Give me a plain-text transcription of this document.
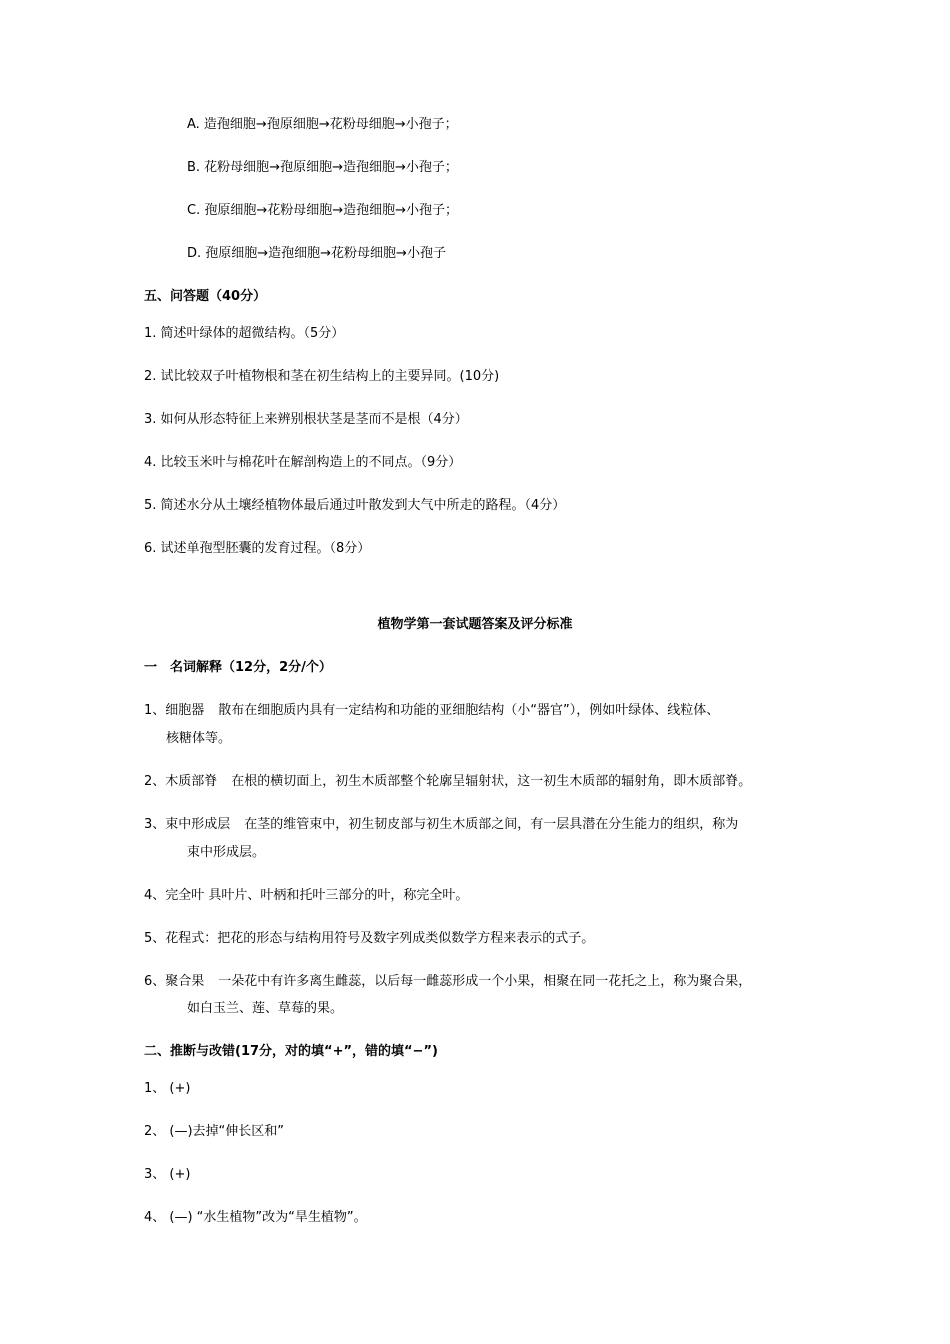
A. 造孢细胞→孢原细胞→花粉母细胞→小孢子；
B. 花粉母细胞→孢原细胞→造孢细胞→小孢子；
C. 孢原细胞→花粉母细胞→造孢细胞→小孢子；
D. 孢原细胞→造孢细胞→花粉母细胞→小孢子
五、问答题（40分）
1. 简述叶绿体的超微结构。（5分）
2. 试比较双子叶植物根和茎在初生结构上的主要异同。(10分)
3. 如何从形态特征上来辨别根状茎是茎而不是根（4分）
4. 比较玉米叶与棉花叶在解剖构造上的不同点。（9分）
5. 简述水分从土壤经植物体最后通过叶散发到大气中所走的路程。（4分）
6. 试述单孢型胚囊的发育过程。（8分）
植物学第一套试题答案及评分标准
一　名词解释（12分，2分/个）
1、细胞器 散布在细胞质内具有一定结构和功能的亚细胞结构（小“器官”），例如叶绿体、线粒体、
核糖体等。
2、木质部脊 在根的横切面上，初生木质部整个轮廓呈辐射状，这一初生木质部的辐射角，即木质部脊。
3、束中形成层 在茎的维管束中，初生韧皮部与初生木质部之间，有一层具潜在分生能力的组织，称为
束中形成层。
4、完全叶 具叶片、叶柄和托叶三部分的叶，称完全叶。
5、花程式：把花的形态与结构用符号及数字列成类似数学方程来表示的式子。
6、聚合果 一朵花中有许多离生雌蕊，以后每一雌蕊形成一个小果，相聚在同一花托之上，称为聚合果，
如白玉兰、莲、草莓的果。
二、推断与改错(17分，对的填“+”，错的填“−”)
1、 (+)
2、 (—)去掉“伸长区和”
3、 (+)
4、 (—) “水生植物”改为“旱生植物”。
